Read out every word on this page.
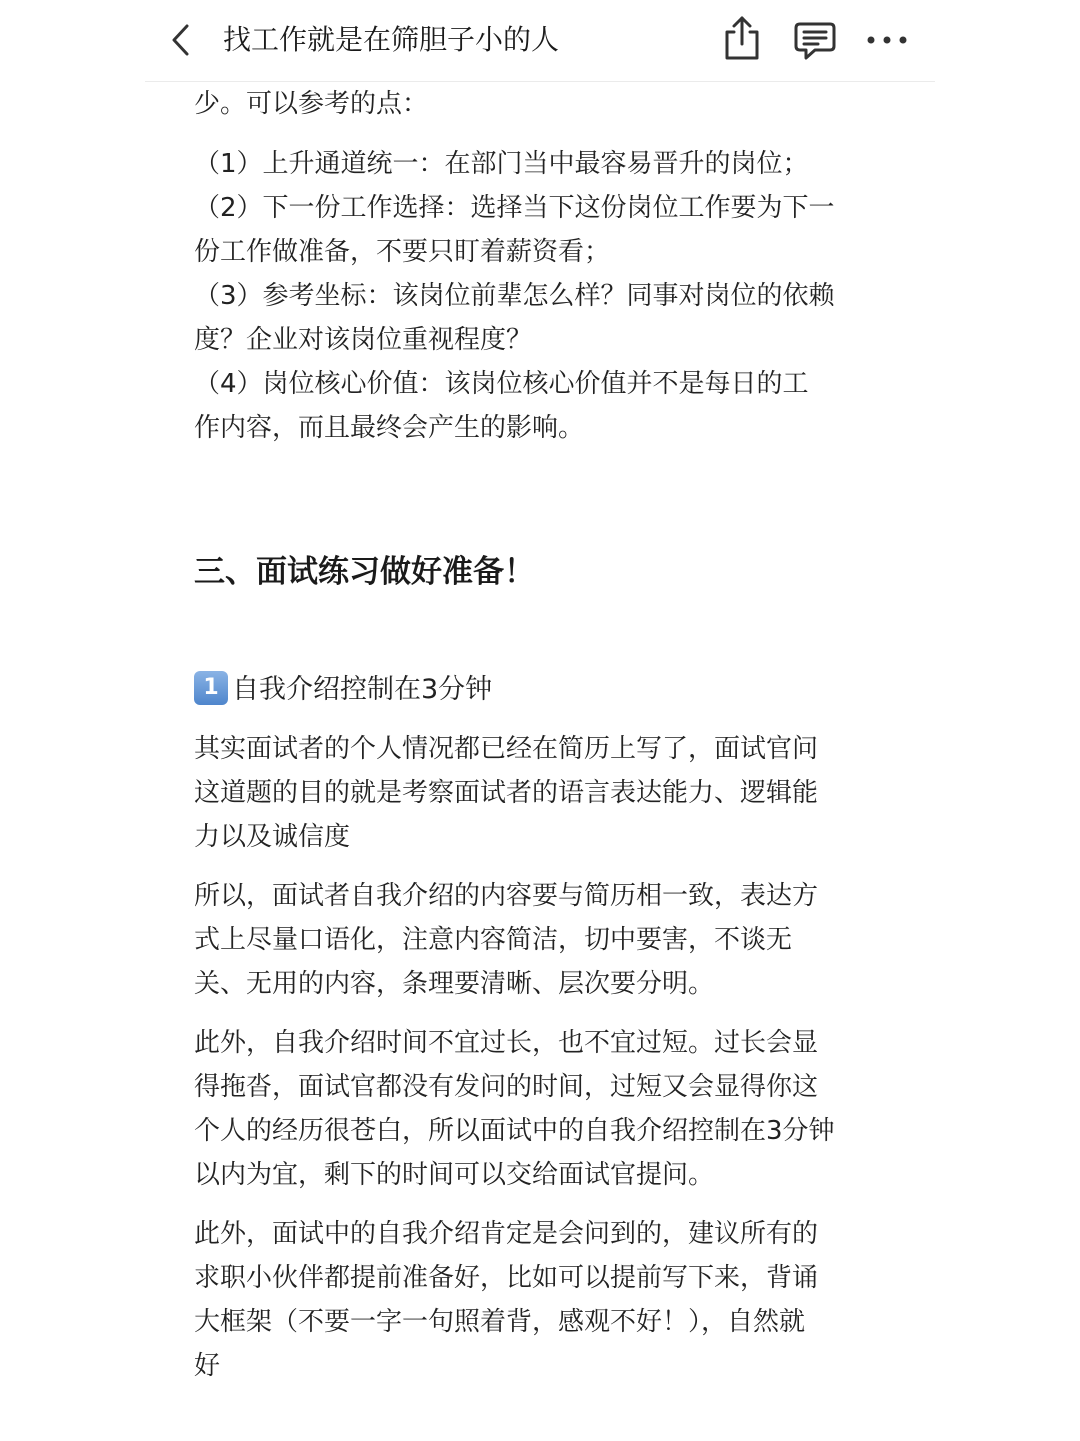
找工作就是在筛胆子小的人
少。可以参考的点：
（1）上升通道统一：在部门当中最容易晋升的岗位；
（2）下一份工作选择：选择当下这份岗位工作要为下一
份工作做准备，不要只盯着薪资看；
（3）参考坐标：该岗位前辈怎么样？同事对岗位的依赖
度？企业对该岗位重视程度？
（4）岗位核心价值：该岗位核心价值并不是每日的工
作内容，而且最终会产生的影响。
三、面试练习做好准备！
1 自我介绍控制在3分钟
其实面试者的个人情况都已经在简历上写了，面试官问
这道题的目的就是考察面试者的语言表达能力、逻辑能
力以及诚信度
所以，面试者自我介绍的内容要与简历相一致，表达方
式上尽量口语化，注意内容简洁，切中要害，不谈无
关、无用的内容，条理要清晰、层次要分明。
此外，自我介绍时间不宜过长，也不宜过短。过长会显
得拖沓，面试官都没有发问的时间，过短又会显得你这
个人的经历很苍白，所以面试中的自我介绍控制在3分钟
以内为宜，剩下的时间可以交给面试官提问。
此外，面试中的自我介绍肯定是会问到的，建议所有的
求职小伙伴都提前准备好，比如可以提前写下来，背诵
大框架（不要一字一句照着背，感观不好！），自然就
好
